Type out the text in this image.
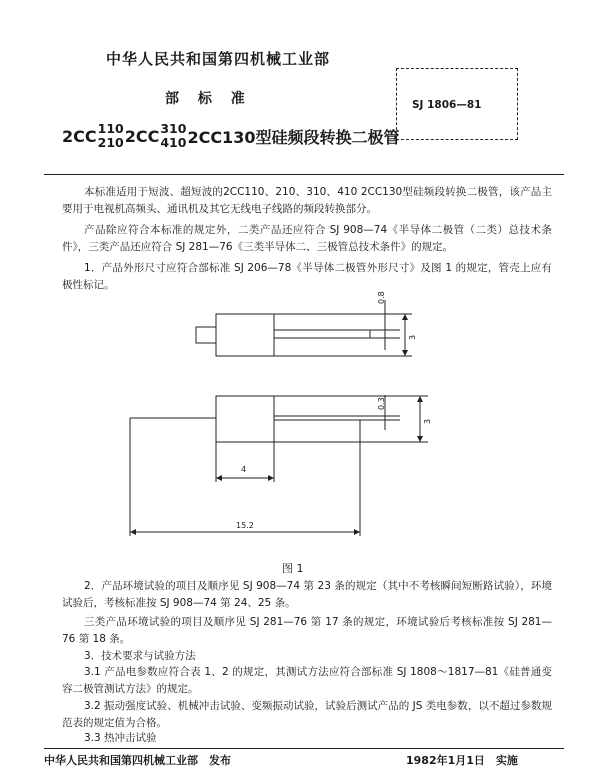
中华人民共和国第四机械工业部
部 标 准	SJ 1806—81
2CC 110
210 2CC 310
410 2CC130型硅频段转换二极管
本标准适用于短波、超短波的2CC110、210、310、410 2CC130型硅频段转换二极管，该产品主要用于电视机高频头、通讯机及其它无线电子线路的频段转换部分。
产品除应符合本标准的规定外，二类产品还应符合 SJ 908—74《半导体二极管（二类）总技术条件》，三类产品还应符合 SJ 281—76《三类半导体二、三极管总技术条件》的规定。
1．产品外形尺寸应符合部标准 SJ 206—78《半导体二极管外形尺寸》及图 1 的规定，管壳上应有极性标记。
0.8
3
0.3
3
4
15.2
图 1
2．产品环境试验的项目及顺序见 SJ 908—74 第 23 条的规定（其中不考核瞬间短断路试验），环境试验后，考核标准按 SJ 908—74 第 24、25 条。
三类产品环境试验的项目及顺序见 SJ 281—76 第 17 条的规定，环境试验后考核标准按 SJ 281—76 第 18 条。
3．技术要求与试验方法
3.1 产品电参数应符合表 1、2 的规定，其测试方法应符合部标准 SJ 1808～1817—81《硅普通变容二极管测试方法》的规定。
3.2 振动强度试验、机械冲击试验、变频振动试验，试验后测试产品的 JS 类电参数，以不超过参数规范表的规定值为合格。
3.3 热冲击试验
中华人民共和国第四机械工业部　发布	1982年1月1日　实施
